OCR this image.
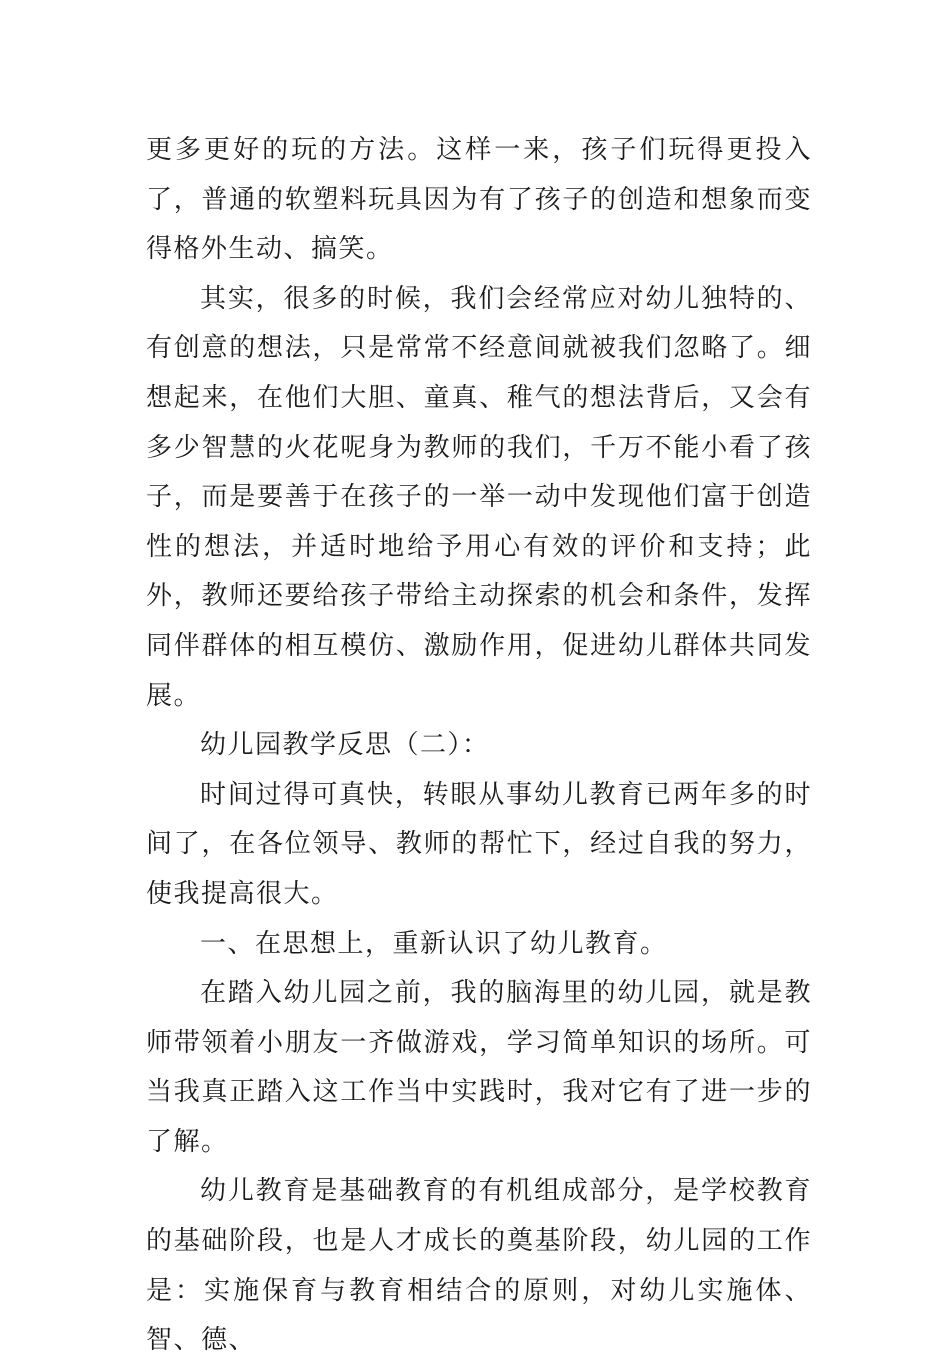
更多更好的玩的方法。这样一来，孩子们玩得更投入了，普通的软塑料玩具因为有了孩子的创造和想象而变得格外生动、搞笑。

其实，很多的时候，我们会经常应对幼儿独特的、有创意的想法，只是常常不经意间就被我们忽略了。细想起来，在他们大胆、童真、稚气的想法背后，又会有多少智慧的火花呢身为教师的我们，千万不能小看了孩子，而是要善于在孩子的一举一动中发现他们富于创造性的想法，并适时地给予用心有效的评价和支持；此外，教师还要给孩子带给主动探索的机会和条件，发挥同伴群体的相互模仿、激励作用，促进幼儿群体共同发展。

幼儿园教学反思（二）：

时间过得可真快，转眼从事幼儿教育已两年多的时间了，在各位领导、教师的帮忙下，经过自我的努力，使我提高很大。

一、在思想上，重新认识了幼儿教育。

在踏入幼儿园之前，我的脑海里的幼儿园，就是教师带领着小朋友一齐做游戏，学习简单知识的场所。可当我真正踏入这工作当中实践时，我对它有了进一步的了解。

幼儿教育是基础教育的有机组成部分，是学校教育的基础阶段，也是人才成长的奠基阶段，幼儿园的工作是：实施保育与教育相结合的原则，对幼儿实施体、智、德、
